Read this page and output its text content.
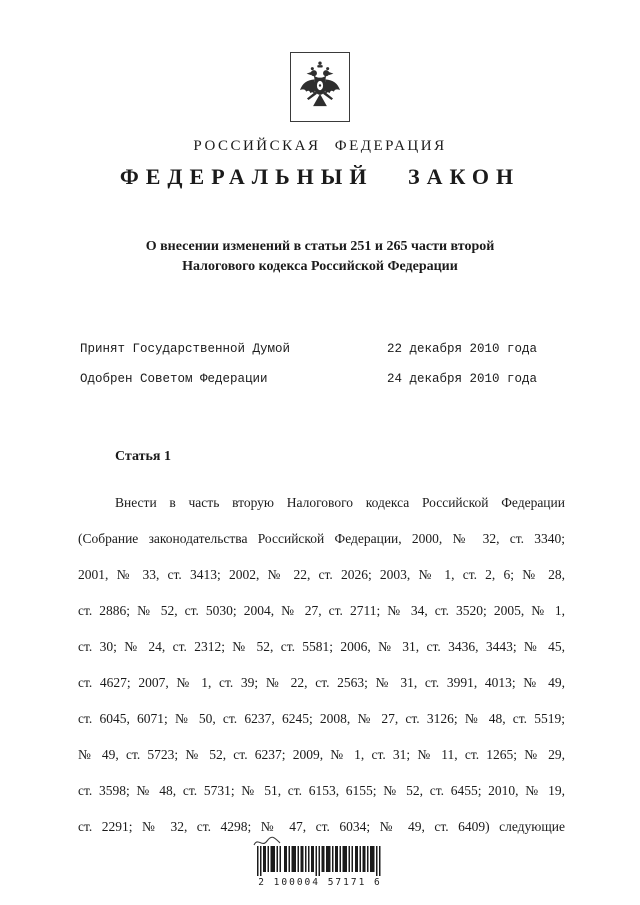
РОССИЙСКАЯ ФЕДЕРАЦИЯ
ФЕДЕРАЛЬНЫЙ ЗАКОН
О внесении изменений в статьи 251 и 265 части второй
Налогового кодекса Российской Федерации
Принят Государственной Думой	22 декабря 2010 года
Одобрен Советом Федерации	24 декабря 2010 года
Статья 1
Внести в часть вторую Налогового кодекса Российской Федерации
(Собрание законодательства Российской Федерации, 2000, № 32, ст. 3340;
2001, № 33, ст. 3413; 2002, № 22, ст. 2026; 2003, № 1, ст. 2, 6; № 28,
ст. 2886; № 52, ст. 5030; 2004, № 27, ст. 2711; № 34, ст. 3520; 2005, № 1,
ст. 30; № 24, ст. 2312; № 52, ст. 5581; 2006, № 31, ст. 3436, 3443; № 45,
ст. 4627; 2007, № 1, ст. 39; № 22, ст. 2563; № 31, ст. 3991, 4013; № 49,
ст. 6045, 6071; № 50, ст. 6237, 6245; 2008, № 27, ст. 3126; № 48, ст. 5519;
№ 49, ст. 5723; № 52, ст. 6237; 2009, № 1, ст. 31; № 11, ст. 1265; № 29,
ст. 3598; № 48, ст. 5731; № 51, ст. 6153, 6155; № 52, ст. 6455; 2010, № 19,
ст. 2291; № 32, ст. 4298; № 47, ст. 6034; № 49, ст. 6409) следующие
2 100004 57171 6
